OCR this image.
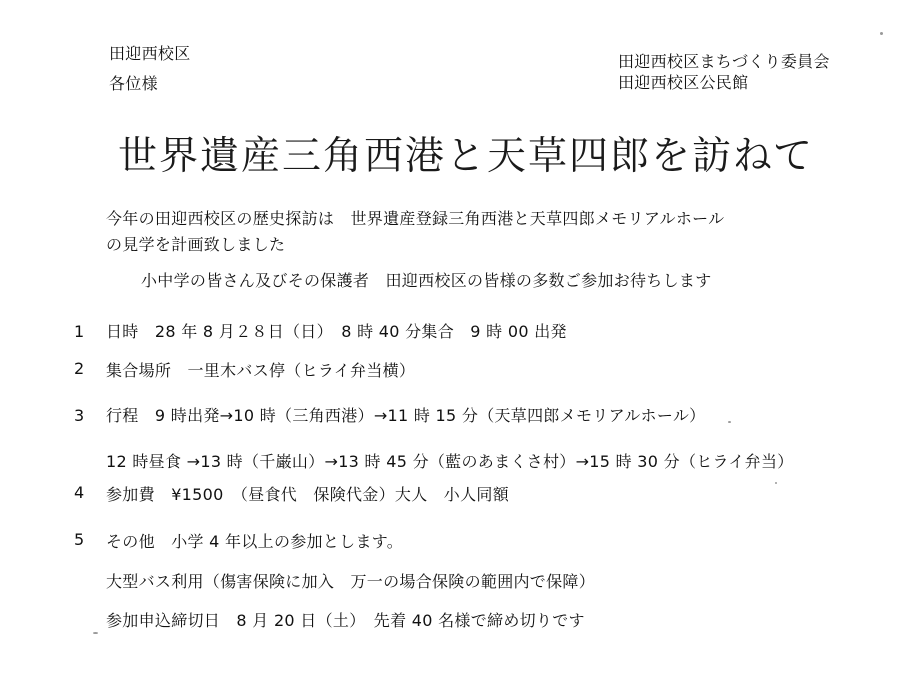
田迎西校区
各位様
田迎西校区まちづくり委員会
田迎西校区公民館
世界遺産三角西港と天草四郎を訪ねて
今年の田迎西校区の歴史探訪は　世界遺産登録三角西港と天草四郎メモリアルホール
の見学を計画致しました
小中学の皆さん及びその保護者　田迎西校区の皆様の多数ご参加お待ちします
1	日時　28 年 8 月２８日（日）　8 時 40 分集合　9 時 00 出発
2	集合場所　一里木バス停（ヒライ弁当横）
3	行程　9 時出発→10 時（三角西港）→11 時 15 分（天草四郎メモリアルホール）
12 時昼食 →13 時（千巌山）→13 時 45 分（藍のあまくさ村）→15 時 30 分（ヒライ弁当）
4	参加費　¥1500　（昼食代　保険代金）大人　小人同額
5	その他　小学 4 年以上の参加とします。
大型バス利用（傷害保険に加入　万一の場合保険の範囲内で保障）
参加申込締切日　8 月 20 日（土）　先着 40 名様で締め切りです
